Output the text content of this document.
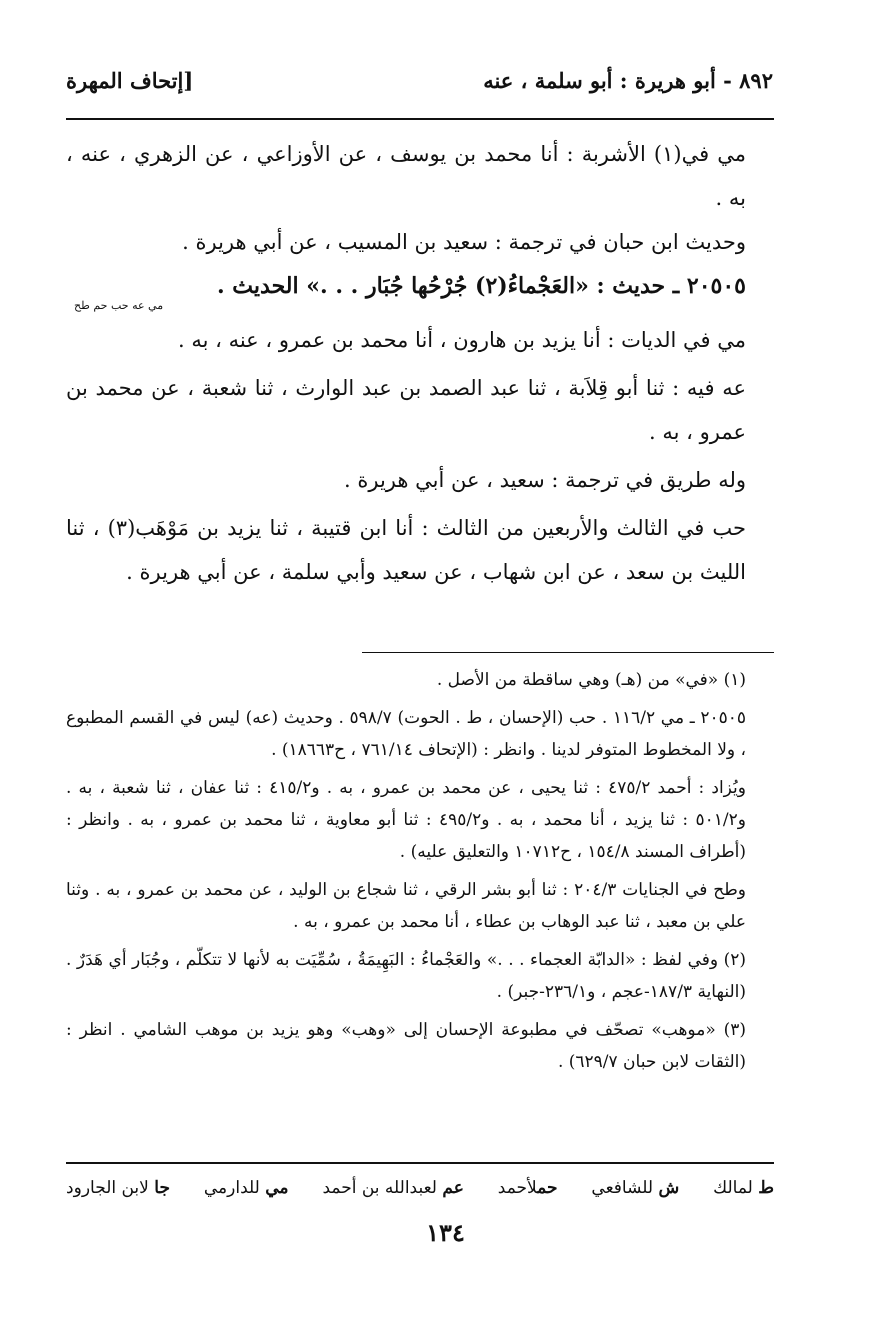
٨٩٢ - أبو هريرة : أبو سلمة ، عنه
[إتحاف المهرة

مي في(١) الأشربة : أنا محمد بن يوسف ، عن الأوزاعي ، عن الزهري ، عنه ، به .

وحديث ابن حبان في ترجمة : سعيد بن المسيب ، عن أبي هريرة .

٢٠٥٠٥ ـ حديث : «العَجْماءُ(٢) جُرْحُها جُبَار . . .» الحديث .

مي عه حب حم طح

مي في الديات : أنا يزيد بن هارون ، أنا محمد بن عمرو ، عنه ، به .

عه فيه : ثنا أبو قِلاَبة ، ثنا عبد الصمد بن عبد الوارث ، ثنا شعبة ، عن محمد بن عمرو ، به .

وله طريق في ترجمة : سعيد ، عن أبي هريرة .

حب في الثالث والأربعين من الثالث : أنا ابن قتيبة ، ثنا يزيد بن مَوْهَب(٣) ، ثنا الليث بن سعد ، عن ابن شهاب ، عن سعيد وأبي سلمة ، عن أبي هريرة .

(١) «في» من (هـ) وهي ساقطة من الأصل .

٢٠٥٠٥ ـ مي ١١٦/٢ . حب (الإحسان ، ط . الحوت) ٥٩٨/٧ . وحديث (عه) ليس في القسم المطبوع ، ولا المخطوط المتوفر لدينا . وانظر : (الإتحاف ٧٦١/١٤ ، ح١٨٦٦٣) .

ويُزاد : أحمد ٤٧٥/٢ : ثنا يحيى ، عن محمد بن عمرو ، به . و٤١٥/٢ : ثنا عفان ، ثنا شعبة ، به . و٥٠١/٢ : ثنا يزيد ، أنا محمد ، به . و٤٩٥/٢ : ثنا أبو معاوية ، ثنا محمد بن عمرو ، به . وانظر : (أطراف المسند ١٥٤/٨ ، ح١٠٧١٢ والتعليق عليه) .

وطح في الجنايات ٢٠٤/٣ : ثنا أبو بشر الرقي ، ثنا شجاع بن الوليد ، عن محمد بن عمرو ، به . وثنا علي بن معبد ، ثنا عبد الوهاب بن عطاء ، أنا محمد بن عمرو ، به .

(٢) وفي لفظ : «الدابّة العجماء . . .» والعَجْماءُ : البَهِيمَةُ ، سُمِّيَت به لأنها لا تتكلّم ، وجُبَار أي هَدَرٌ . (النهاية ١٨٧/٣-عجم ، و٢٣٦/١-جبر) .

(٣) «موهب» تصحّف في مطبوعة الإحسان إلى «وهب» وهو يزيد بن موهب الشامي . انظر : (الثقات لابن حبان ٦٢٩/٧) .

ط لمالك
ش للشافعي
حملأحمد
عم لعبدالله بن أحمد
مي للدارمي
جا لابن الجارود
١٣٤
